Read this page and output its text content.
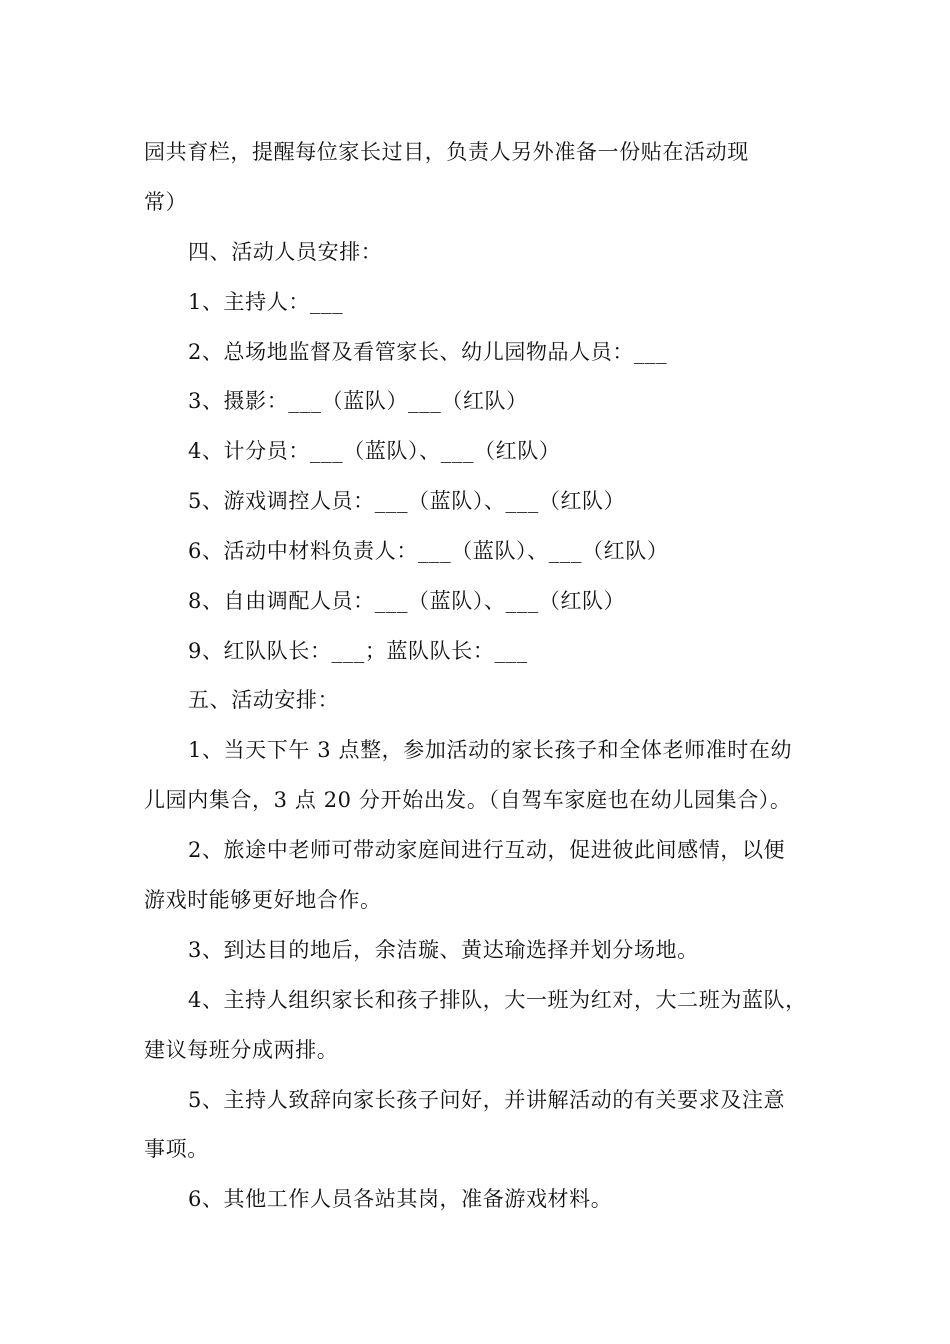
园共育栏，提醒每位家长过目，负责人另外准备一份贴在活动现
常）
四、活动人员安排：
1、主持人：___
2、总场地监督及看管家长、幼儿园物品人员：___
3、摄影：___（蓝队）___（红队）
4、计分员：___（蓝队）、___（红队）
5、游戏调控人员：___（蓝队）、___（红队）
6、活动中材料负责人：___（蓝队）、___（红队）
8、自由调配人员：___（蓝队）、___（红队）
9、红队队长：___；蓝队队长：___
五、活动安排：
1、当天下午 3 点整，参加活动的家长孩子和全体老师准时在幼
儿园内集合，3 点 20 分开始出发。（自驾车家庭也在幼儿园集合）。
2、旅途中老师可带动家庭间进行互动，促进彼此间感情，以便
游戏时能够更好地合作。
3、到达目的地后，余洁璇、黄达瑜选择并划分场地。
4、主持人组织家长和孩子排队，大一班为红对，大二班为蓝队，
建议每班分成两排。
5、主持人致辞向家长孩子问好，并讲解活动的有关要求及注意
事项。
6、其他工作人员各站其岗，准备游戏材料。
